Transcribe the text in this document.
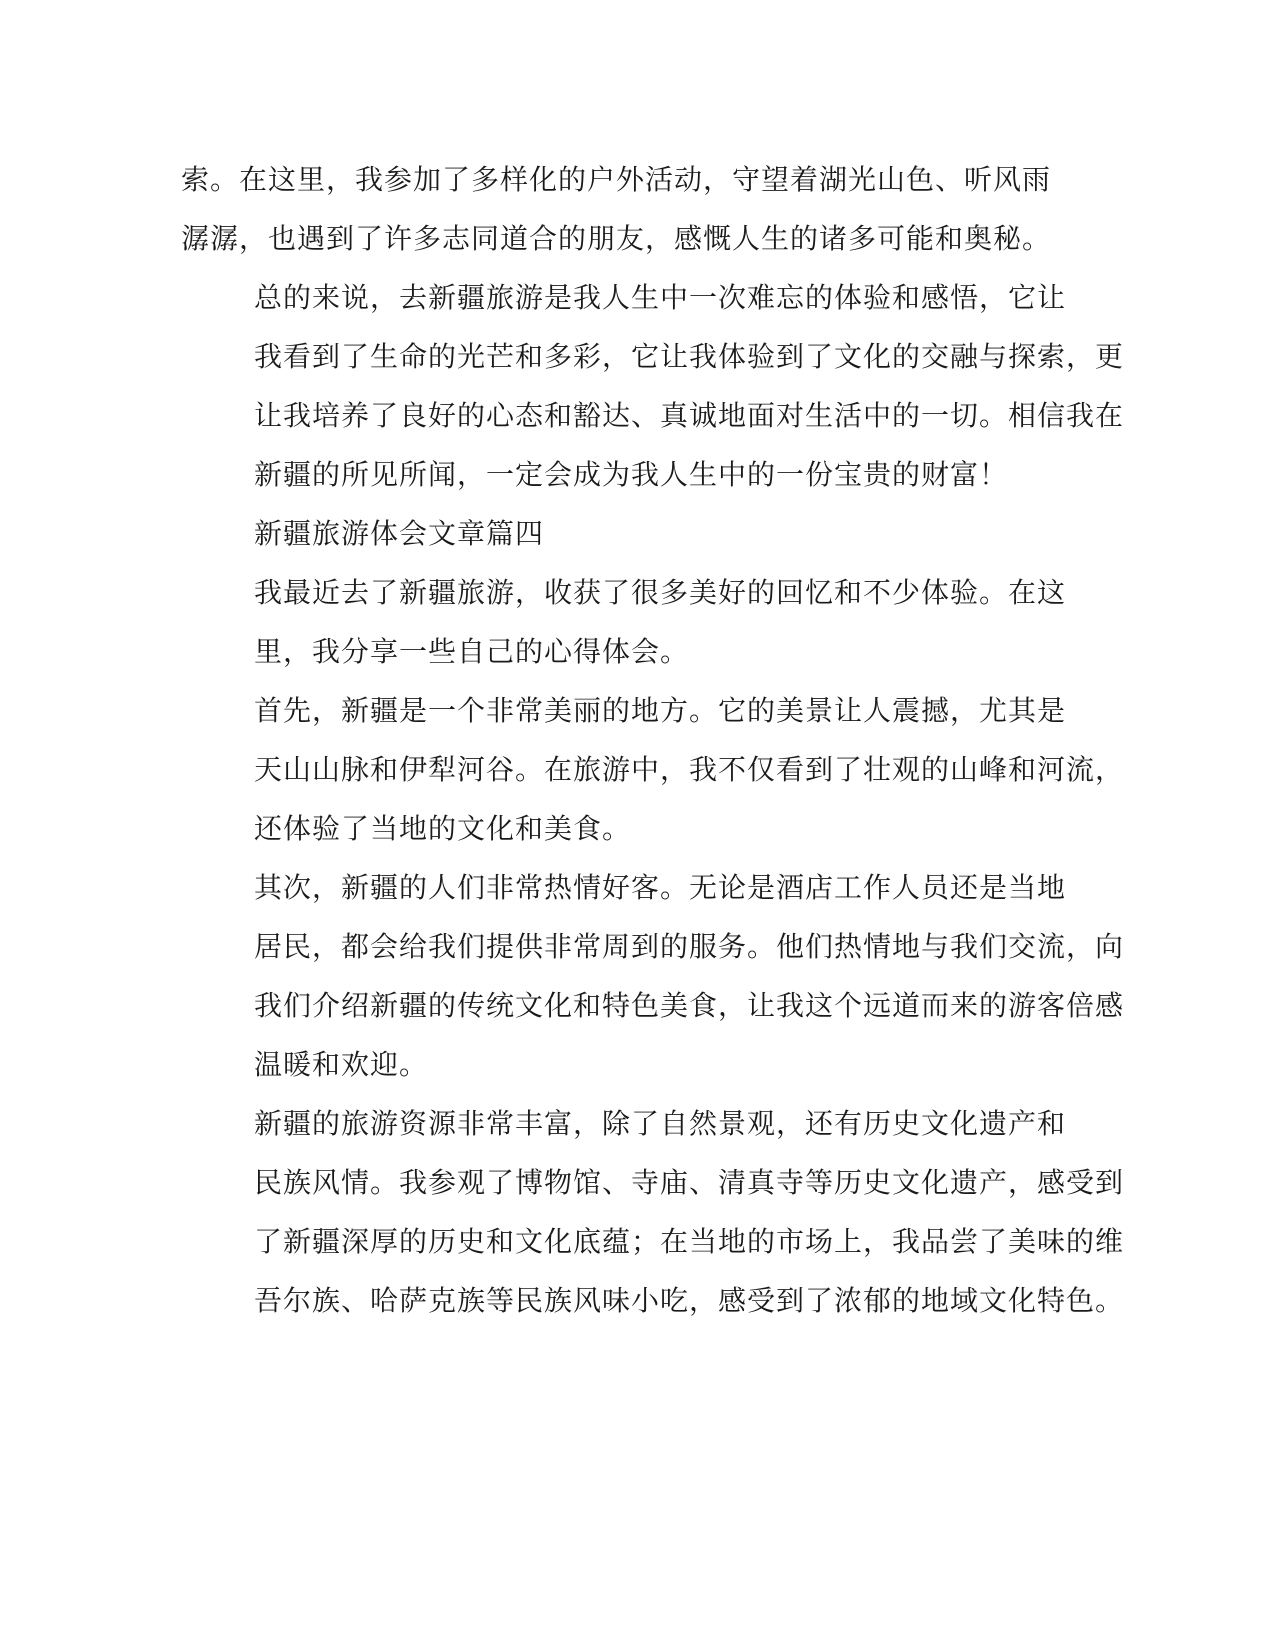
索。在这里，我参加了多样化的户外活动，守望着湖光山色、听风雨
潺潺，也遇到了许多志同道合的朋友，感慨人生的诸多可能和奥秘。

总的来说，去新疆旅游是我人生中一次难忘的体验和感悟，它让
我看到了生命的光芒和多彩，它让我体验到了文化的交融与探索，更
让我培养了良好的心态和豁达、真诚地面对生活中的一切。相信我在
新疆的所见所闻，一定会成为我人生中的一份宝贵的财富！

新疆旅游体会文章篇四

我最近去了新疆旅游，收获了很多美好的回忆和不少体验。在这
里，我分享一些自己的心得体会。

首先，新疆是一个非常美丽的地方。它的美景让人震撼，尤其是
天山山脉和伊犁河谷。在旅游中，我不仅看到了壮观的山峰和河流，
还体验了当地的文化和美食。

其次，新疆的人们非常热情好客。无论是酒店工作人员还是当地
居民，都会给我们提供非常周到的服务。他们热情地与我们交流，向
我们介绍新疆的传统文化和特色美食，让我这个远道而来的游客倍感
温暖和欢迎。

新疆的旅游资源非常丰富，除了自然景观，还有历史文化遗产和
民族风情。我参观了博物馆、寺庙、清真寺等历史文化遗产，感受到
了新疆深厚的历史和文化底蕴；在当地的市场上，我品尝了美味的维
吾尔族、哈萨克族等民族风味小吃，感受到了浓郁的地域文化特色。
